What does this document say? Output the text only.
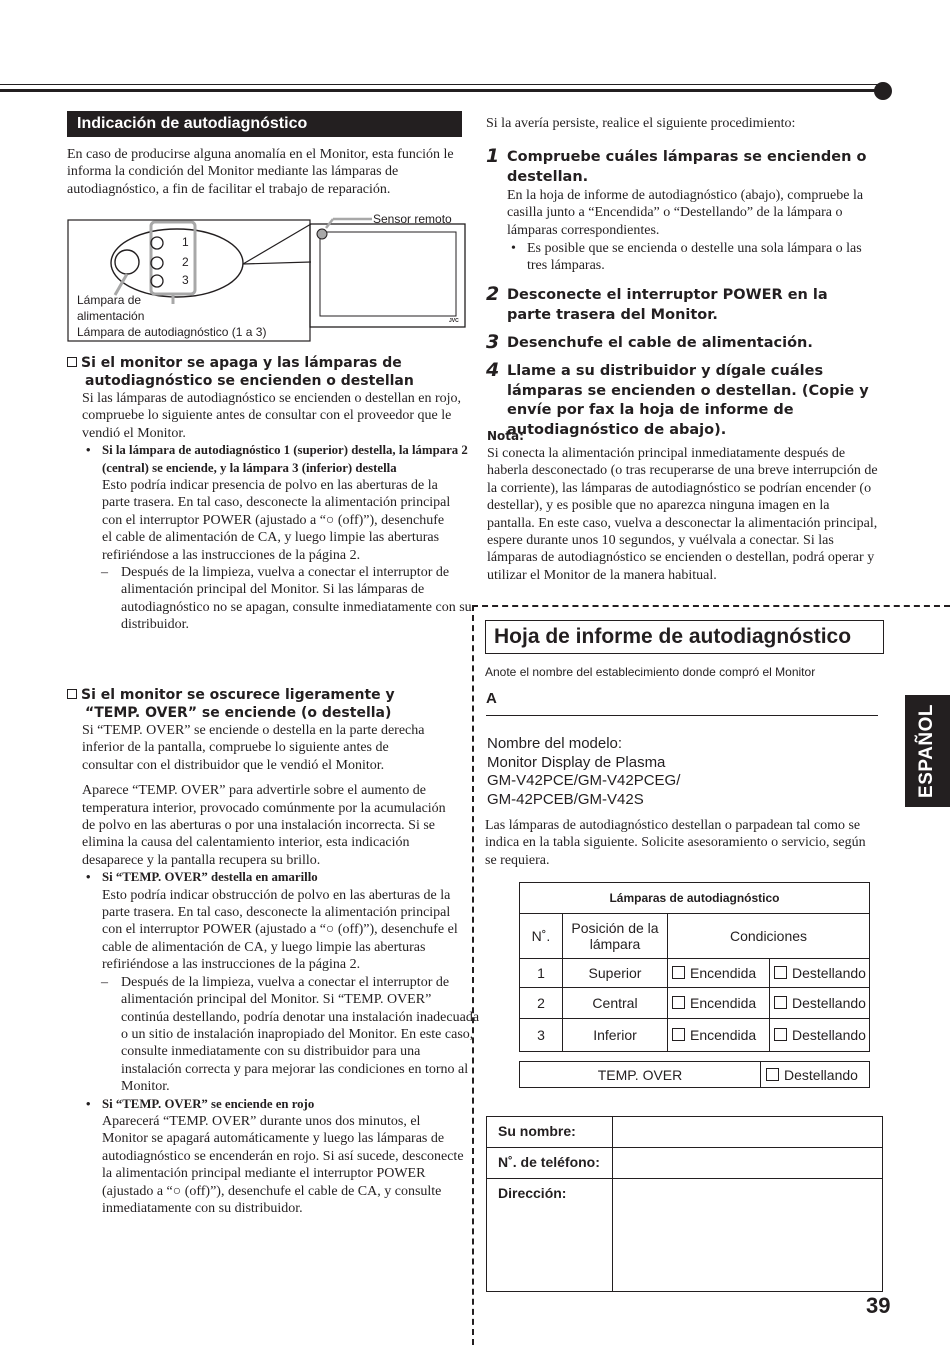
Indicación de autodiagnóstico
En caso de producirse alguna anomalía en el Monitor, esta función le informa la condición del Monitor mediante las lámparas de autodiagnóstico, a fin de facilitar el trabajo de reparación.
Sensor remoto
1
2
3
Lámpara de
alimentación
Lámpara de autodiagnóstico (1 a 3)
JVC
Si el monitor se apaga y las lámparas de
autodiagnóstico se encienden o destellan
Si las lámparas de autodiagnóstico se encienden o destellan en rojo, compruebe lo siguiente antes de consultar con el proveedor que le vendió el Monitor.
• Si la lámpara de autodiagnóstico 1 (superior) destella, la lámpara 2 (central) se enciende, y la lámpara 3 (inferior) destella
Esto podría indicar presencia de polvo en las aberturas de la parte trasera. En tal caso, desconecte la alimentación principal con el interruptor POWER (ajustado a “○ (off)”), desenchufe el cable de alimentación de CA, y luego limpie las aberturas refiriéndose a las instrucciones de la página 2.
– Después de la limpieza, vuelva a conectar el interruptor de alimentación principal del Monitor. Si las lámparas de autodiagnóstico no se apagan, consulte inmediatamente con su distribuidor.
Si el monitor se oscurece ligeramente y
“TEMP. OVER” se enciende (o destella)
Si “TEMP. OVER” se enciende o destella en la parte derecha inferior de la pantalla, compruebe lo siguiente antes de consultar con el distribuidor que le vendió el Monitor.
Aparece “TEMP. OVER” para advertirle sobre el aumento de temperatura interior, provocado comúnmente por la acumulación de polvo en las aberturas o por una instalación incorrecta. Si se elimina la causa del calentamiento interior, esta indicación desaparece y la pantalla recupera su brillo.
• Si “TEMP. OVER” destella en amarillo
Esto podría indicar obstrucción de polvo en las aberturas de la parte trasera. En tal caso, desconecte la alimentación principal con el interruptor POWER (ajustado a “○ (off)”), desenchufe el cable de alimentación de CA, y luego limpie las aberturas refiriéndose a las instrucciones de la página 2.
– Después de la limpieza, vuelva a conectar el interruptor de alimentación principal del Monitor. Si “TEMP. OVER” continúa destellando, podría denotar una instalación inadecuada o un sitio de instalación inapropiado del Monitor. En este caso, consulte inmediatamente con su distribuidor para una instalación correcta y para mejorar las condiciones en torno al Monitor.
• Si “TEMP. OVER” se enciende en rojo
Aparecerá “TEMP. OVER” durante unos dos minutos, el Monitor se apagará automáticamente y luego las lámparas de autodiagnóstico se encenderán en rojo. Si así sucede, desconecte la alimentación principal mediante el interruptor POWER (ajustado a “○ (off)”), desenchufe el cable de CA, y consulte inmediatamente con su distribuidor.
Si la avería persiste, realice el siguiente procedimiento:
1 Compruebe cuáles lámparas se encienden o destellan.
En la hoja de informe de autodiagnóstico (abajo), compruebe la casilla junto a “Encendida” o “Destellando” de la lámpara o lámparas correspondientes.
• Es posible que se encienda o destelle una sola lámpara o las tres lámparas.
2 Desconecte el interruptor POWER en la parte trasera del Monitor.
3 Desenchufe el cable de alimentación.
4 Llame a su distribuidor y dígale cuáles lámparas se encienden o destellan. (Copie y envíe por fax la hoja de informe de autodiagnóstico de abajo).
Nota:
Si conecta la alimentación principal inmediatamente después de haberla desconectado (o tras recuperarse de una breve interrupción de la corriente), las lámparas de autodiagnóstico se podrían encender (o destellar), y es posible que no aparezca ninguna imagen en la pantalla. En este caso, vuelva a desconectar la alimentación principal, espere durante unos 10 segundos, y vuélvala a conectar. Si las lámparas de autodiagnóstico se encienden o destellan, podrá operar y utilizar el Monitor de la manera habitual.
Hoja de informe de autodiagnóstico
Anote el nombre del establecimiento donde compró el Monitor
A
Nombre del modelo:
Monitor Display de Plasma
GM-V42PCE/GM-V42PCEG/
GM-42PCEB/GM-V42S
Las lámparas de autodiagnóstico destellan o parpadean tal como se indica en la tabla siguiente. Solicite asesoramiento o servicio, según se requiera.
Lámparas de autodiagnóstico			
N˚.	Posición de la
lámpara	Condiciones	
1	Superior	Encendida	Destellando
2	Central	Encendida	Destellando
3	Inferior	Encendida	Destellando
TEMP. OVER	Destellando
Su nombre:	
N˚. de teléfono:	
Dirección:	
ESPAÑOL
39
